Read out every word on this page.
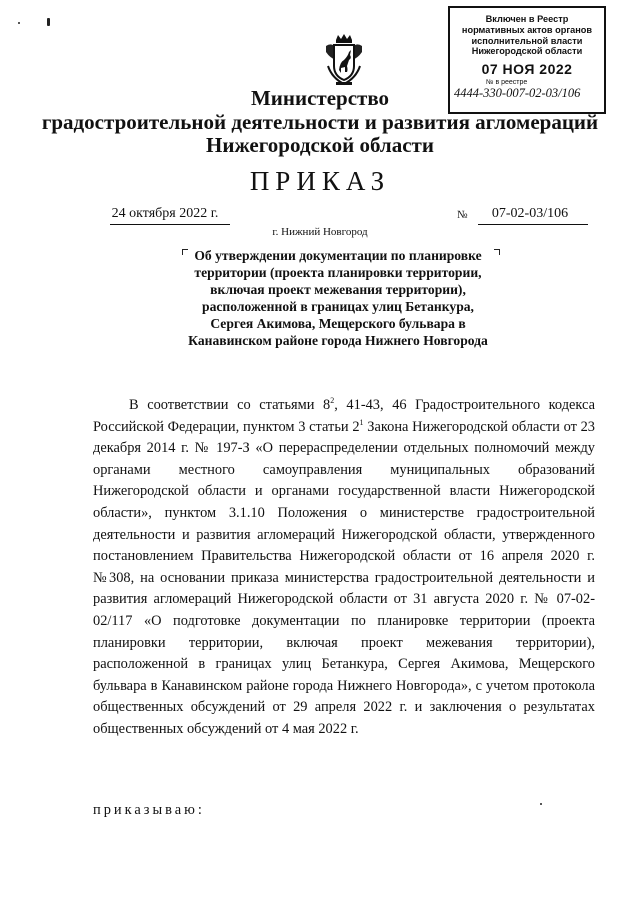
Включен в Реестр
нормативных актов органов
исполнительной власти
Нижегородской области
07 НОЯ 2022
№ в реестре
4444-330-007-02-03/106
Министерство
градостроительной деятельности и развития агломераций
Нижегородской области
ПРИКАЗ
24 октября 2022 г.	№	07-02-03/106
г. Нижний Новгород
Об утверждении документации по планировке территории (проекта планировки территории, включая проект межевания территории), расположенной в границах улиц Бетанкура, Сергея Акимова, Мещерского бульвара в Канавинском районе города Нижнего Новгорода
В соответствии со статьями $8^2$, 41-43, 46 Градостроительного кодекса Российской Федерации, пунктом 3 статьи $2^1$ Закона Нижегородской области от 23 декабря 2014 г. № 197-З «О перераспределении отдельных полномочий между органами местного самоуправления муниципальных образований Нижегородской области и органами государственной власти Нижегородской области», пунктом 3.1.10 Положения о министерстве градостроительной деятельности и развития агломераций Нижегородской области, утвержденного постановлением Правительства Нижегородской области от 16 апреля 2020 г. №308, на основании приказа министерства градостроительной деятельности и развития агломераций Нижегородской области от 31 августа 2020 г. № 07-02-02/117 «О подготовке документации по планировке территории (проекта планировки территории, включая проект межевания территории), расположенной в границах улиц Бетанкура, Сергея Акимова, Мещерского бульвара в Канавинском районе города Нижнего Новгорода», с учетом протокола общественных обсуждений от 29 апреля 2022 г. и заключения о результатах общественных обсуждений от 4 мая 2022 г.
приказываю:
